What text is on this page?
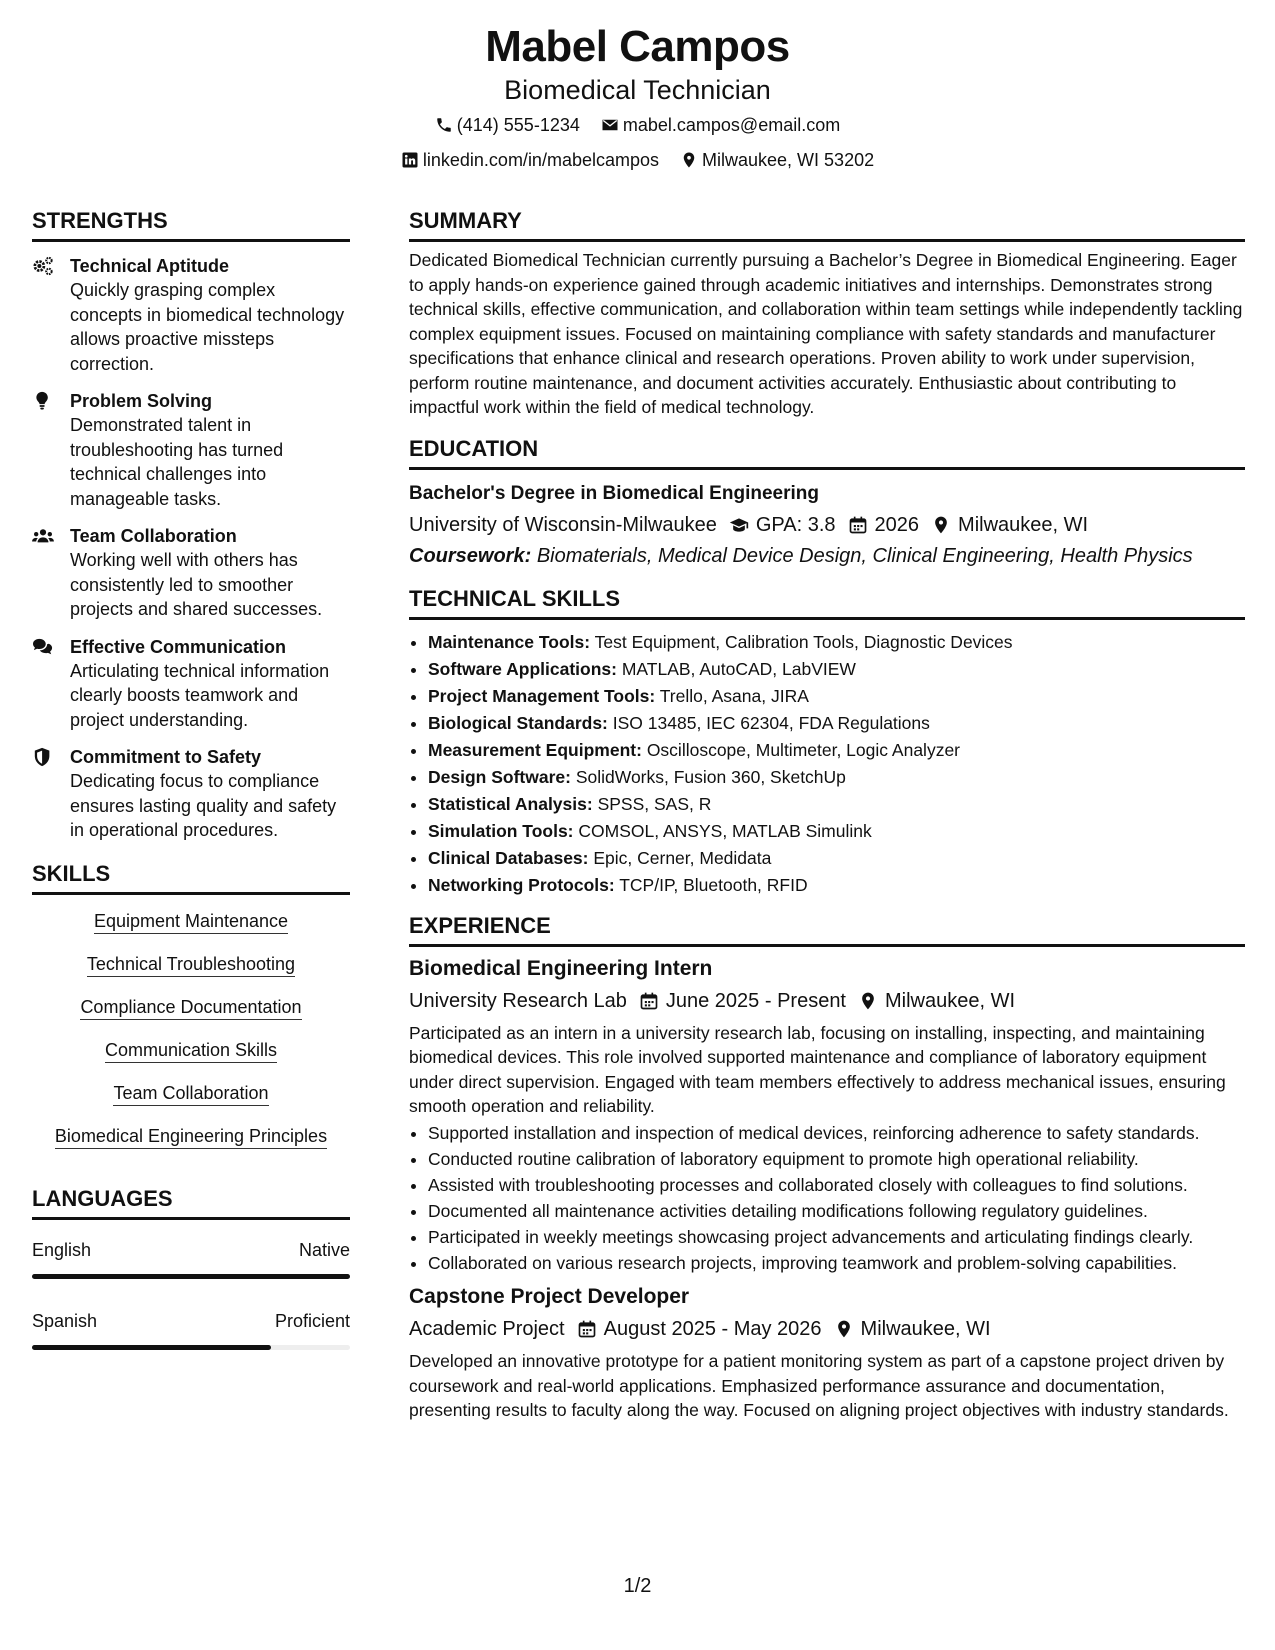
Mabel Campos
Biomedical Technician
(414) 555-1234
mabel.campos@email.com
linkedin.com/in/mabelcampos
Milwaukee, WI 53202
STRENGTHS
Technical Aptitude
Quickly grasping complex concepts in biomedical technology allows proactive missteps correction.
Problem Solving
Demonstrated talent in troubleshooting has turned technical challenges into manageable tasks.
Team Collaboration
Working well with others has consistently led to smoother projects and shared successes.
Effective Communication
Articulating technical information clearly boosts teamwork and project understanding.
Commitment to Safety
Dedicating focus to compliance ensures lasting quality and safety in operational procedures.
SKILLS
Equipment Maintenance
Technical Troubleshooting
Compliance Documentation
Communication Skills
Team Collaboration
Biomedical Engineering Principles
LANGUAGES
English	Native
Spanish	Proficient
SUMMARY
Dedicated Biomedical Technician currently pursuing a Bachelor’s Degree in Biomedical Engineering. Eager to apply hands-on experience gained through academic initiatives and internships. Demonstrates strong technical skills, effective communication, and collaboration within team settings while independently tackling complex equipment issues. Focused on maintaining compliance with safety standards and manufacturer specifications that enhance clinical and research operations. Proven ability to work under supervision, perform routine maintenance, and document activities accurately. Enthusiastic about contributing to impactful work within the field of medical technology.
EDUCATION
Bachelor's Degree in Biomedical Engineering
University of Wisconsin-Milwaukee GPA: 3.8 2026 Milwaukee, WI
Coursework: Biomaterials, Medical Device Design, Clinical Engineering, Health Physics
TECHNICAL SKILLS
• Maintenance Tools: Test Equipment, Calibration Tools, Diagnostic Devices
• Software Applications: MATLAB, AutoCAD, LabVIEW
• Project Management Tools: Trello, Asana, JIRA
• Biological Standards: ISO 13485, IEC 62304, FDA Regulations
• Measurement Equipment: Oscilloscope, Multimeter, Logic Analyzer
• Design Software: SolidWorks, Fusion 360, SketchUp
• Statistical Analysis: SPSS, SAS, R
• Simulation Tools: COMSOL, ANSYS, MATLAB Simulink
• Clinical Databases: Epic, Cerner, Medidata
• Networking Protocols: TCP/IP, Bluetooth, RFID
EXPERIENCE
Biomedical Engineering Intern
University Research Lab June 2025 - Present Milwaukee, WI
Participated as an intern in a university research lab, focusing on installing, inspecting, and maintaining biomedical devices. This role involved supported maintenance and compliance of laboratory equipment under direct supervision. Engaged with team members effectively to address mechanical issues, ensuring smooth operation and reliability.
• Supported installation and inspection of medical devices, reinforcing adherence to safety standards.
• Conducted routine calibration of laboratory equipment to promote high operational reliability.
• Assisted with troubleshooting processes and collaborated closely with colleagues to find solutions.
• Documented all maintenance activities detailing modifications following regulatory guidelines.
• Participated in weekly meetings showcasing project advancements and articulating findings clearly.
• Collaborated on various research projects, improving teamwork and problem-solving capabilities.
Capstone Project Developer
Academic Project August 2025 - May 2026 Milwaukee, WI
Developed an innovative prototype for a patient monitoring system as part of a capstone project driven by coursework and real-world applications. Emphasized performance assurance and documentation, presenting results to faculty along the way. Focused on aligning project objectives with industry standards.
1/2
